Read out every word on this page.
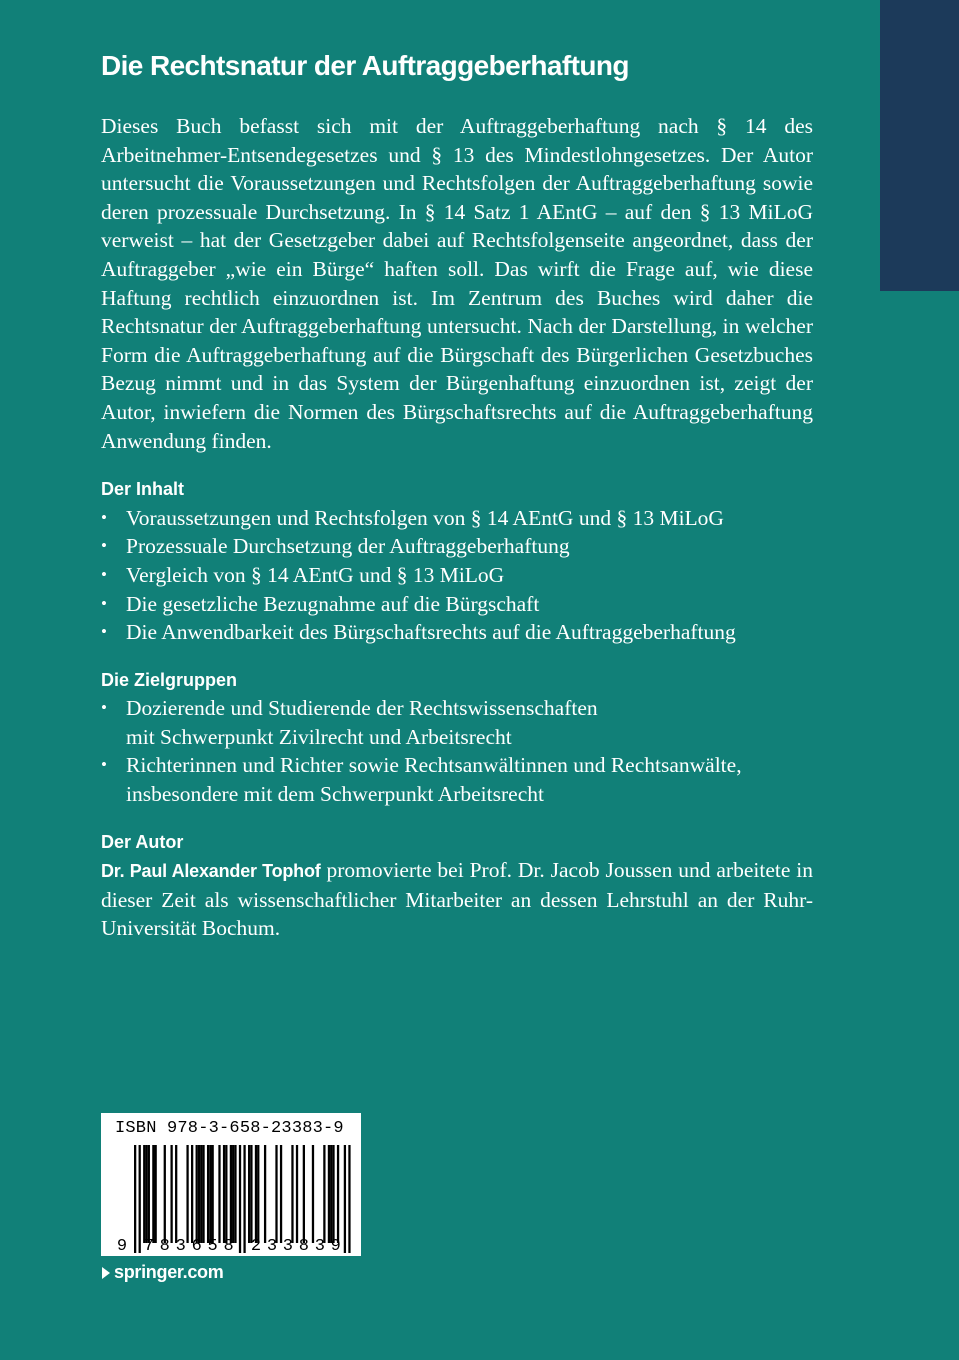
Die Rechtsnatur der Auftraggeberhaftung

Dieses Buch befasst sich mit der Auftraggeberhaftung nach § 14 des Arbeitnehmer-Entsendegesetzes und § 13 des Mindestlohngesetzes. Der Autor untersucht die Voraussetzungen und Rechtsfolgen der Auftraggeberhaftung sowie deren prozessuale Durchsetzung. In § 14 Satz 1 AEntG – auf den § 13 MiLoG verweist – hat der Gesetzgeber dabei auf Rechtsfolgenseite angeordnet, dass der Auftraggeber „wie ein Bürge“ haften soll. Das wirft die Frage auf, wie diese Haftung rechtlich einzuordnen ist. Im Zentrum des Buches wird daher die Rechtsnatur der Auftraggeberhaftung untersucht. Nach der Darstellung, in welcher Form die Auftraggeberhaftung auf die Bürgschaft des Bürgerlichen Gesetzbuches Bezug nimmt und in das System der Bürgenhaftung einzuordnen ist, zeigt der Autor, inwiefern die Normen des Bürgschaftsrechts auf die Auftraggeberhaftung Anwendung finden.

Der Inhalt
• Voraussetzungen und Rechtsfolgen von § 14 AEntG und § 13 MiLoG
• Prozessuale Durchsetzung der Auftraggeberhaftung
• Vergleich von § 14 AEntG und § 13 MiLoG
• Die gesetzliche Bezugnahme auf die Bürgschaft
• Die Anwendbarkeit des Bürgschaftsrechts auf die Auftraggeberhaftung
Die Zielgruppen
• Dozierende und Studierende der Rechtswissenschaften
mit Schwerpunkt Zivilrecht und Arbeitsrecht
• Richterinnen und Richter sowie Rechtsanwältinnen und Rechtsanwälte,
insbesondere mit dem Schwerpunkt Arbeitsrecht
Der Autor

Dr. Paul Alexander Tophof promovierte bei Prof. Dr. Jacob Joussen und arbeitete in dieser Zeit als wissenschaftlicher Mitarbeiter an dessen Lehrstuhl an der Ruhr-Universität Bochum.

ISBN 978-3-658-23383-9
9 7 8 3 6 5 8 2 3 3 8 3 9
springer.com
